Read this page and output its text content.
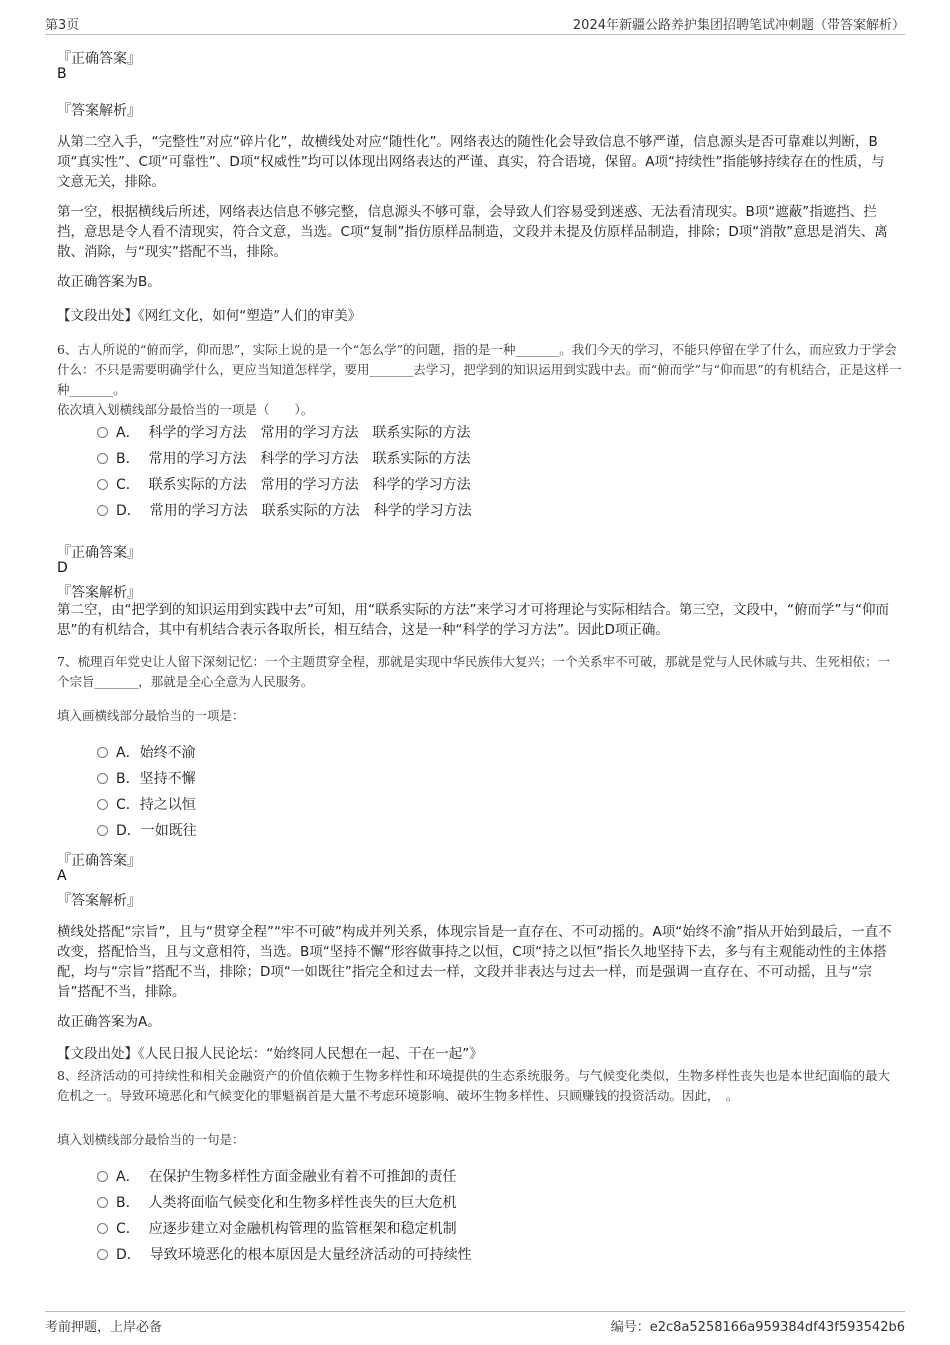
第3页	2024年新疆公路养护集团招聘笔试冲刺题（带答案解析）
『正确答案』
B
『答案解析』
从第二空入手，“完整性”对应“碎片化”，故横线处对应“随性化”。网络表达的随性化会导致信息不够严谨，信息源头是否可靠难以判断，B项“真实性”、C项“可靠性”、D项“权威性”均可以体现出网络表达的严谨、真实，符合语境，保留。A项“持续性”指能够持续存在的性质，与文意无关，排除。
第一空，根据横线后所述，网络表达信息不够完整，信息源头不够可靠，会导致人们容易受到迷惑、无法看清现实。B项“遮蔽”指遮挡、拦挡，意思是令人看不清现实，符合文意，当选。C项“复制”指仿原样品制造，文段并未提及仿原样品制造，排除；D项“消散”意思是消失、离散、消除，与“现实”搭配不当，排除。
故正确答案为B。
【文段出处】《网红文化，如何“塑造”人们的审美》
6、古人所说的“俯而学，仰而思”，实际上说的是一个“怎么学”的问题，指的是一种_______。我们今天的学习，不能只停留在学了什么，而应致力于学会什么：不只是需要明确学什么，更应当知道怎样学，要用_______去学习，把学到的知识运用到实践中去。而“俯而学”与“仰而思”的有机结合，正是这样一种_______。
依次填入划横线部分最恰当的一项是（　　）。
A．  科学的学习方法　常用的学习方法　联系实际的方法
B．  常用的学习方法　科学的学习方法　联系实际的方法
C．  联系实际的方法　常用的学习方法　科学的学习方法
D．  常用的学习方法　联系实际的方法　科学的学习方法
『正确答案』
D
『答案解析』
第二空，由“把学到的知识运用到实践中去”可知，用“联系实际的方法”来学习才可将理论与实际相结合。第三空，文段中，“俯而学”与“仰而思”的有机结合，其中有机结合表示各取所长，相互结合，这是一种“科学的学习方法”。因此D项正确。
7、梳理百年党史让人留下深刻记忆：一个主题贯穿全程，那就是实现中华民族伟大复兴；一个关系牢不可破，那就是党与人民休戚与共、生死相依；一个宗旨_______，那就是全心全意为人民服务。
填入画横线部分最恰当的一项是：
A．始终不渝
B．坚持不懈
C．持之以恒
D．一如既往
『正确答案』
A
『答案解析』
横线处搭配“宗旨”，且与“贯穿全程”“牢不可破”构成并列关系，体现宗旨是一直存在、不可动摇的。A项“始终不渝”指从开始到最后，一直不改变，搭配恰当，且与文意相符，当选。B项“坚持不懈”形容做事持之以恒，C项“持之以恒”指长久地坚持下去，多与有主观能动性的主体搭配，均与“宗旨”搭配不当，排除；D项“一如既往”指完全和过去一样，文段并非表达与过去一样，而是强调一直存在、不可动摇，且与“宗旨”搭配不当，排除。
故正确答案为A。
【文段出处】《人民日报人民论坛：“始终同人民想在一起、干在一起”》
8、经济活动的可持续性和相关金融资产的价值依赖于生物多样性和环境提供的生态系统服务。与气候变化类似，生物多样性丧失也是本世纪面临的最大危机之一。导致环境恶化和气候变化的罪魁祸首是大量不考虑环境影响、破坏生物多样性、只顾赚钱的投资活动。因此，　。
填入划横线部分最恰当的一句是：
A．  在保护生物多样性方面金融业有着不可推卸的责任
B．  人类将面临气候变化和生物多样性丧失的巨大危机
C．  应逐步建立对金融机构管理的监管框架和稳定机制
D．  导致环境恶化的根本原因是大量经济活动的可持续性
考前押题，上岸必备	编号：e2c8a5258166a959384df43f593542b6
